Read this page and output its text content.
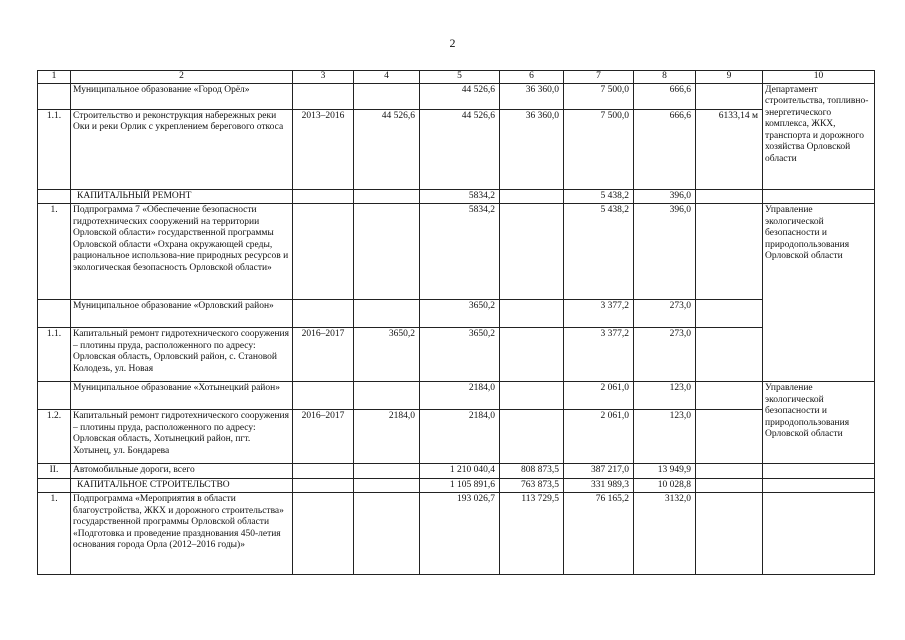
2
1	2	3	4	5	6	7	8	9	10
	Муниципальное образование «Город Орёл»			44 526,6	36 360,0	7 500,0	666,6		Департамент строительства, топливно-энергетического комплекса, ЖКХ, транспорта и дорожного хозяйства Орловской области
1.1.	Строительство и реконструкция набережных реки Оки и реки Орлик с укреплением берегового откоса	2013–2016	44 526,6	44 526,6	36 360,0	7 500,0	666,6	6133,14 м	
	КАПИТАЛЬНЫЙ РЕМОНТ			5834,2		5 438,2	396,0		
1.	Подпрограмма 7 «Обеспечение безопасности гидротехнических сооружений на территории Орловской области» государственной программы Орловской области «Охрана окружающей среды, рациональное использова-ние природных ресурсов и экологическая безопасность Орловской области»			5834,2		5 438,2	396,0		Управление экологической безопасности и природопользования Орловской области
	Муниципальное образование «Орловский район»			3650,2		3 377,2	273,0		
1.1.	Капитальный ремонт гидротехнического сооружения – плотины пруда, расположенного по адресу: Орловская область, Орловский район, с. Становой Колодезь, ул. Новая	2016–2017	3650,2	3650,2		3 377,2	273,0		
	Муниципальное образование «Хотынецкий район»			2184,0		2 061,0	123,0		Управление экологической безопасности и природопользования Орловской области
1.2.	Капитальный ремонт гидротехнического сооружения – плотины пруда, расположенного по адресу: Орловская область, Хотынецкий район, пгт. Хотынец, ул. Бондарева	2016–2017	2184,0	2184,0		2 061,0	123,0		
II.	Автомобильные дороги, всего			1 210 040,4	808 873,5	387 217,0	13 949,9		
	КАПИТАЛЬНОЕ СТРОИТЕЛЬСТВО			1 105 891,6	763 873,5	331 989,3	10 028,8		
1.	Подпрограмма «Мероприятия в области благоустройства, ЖКХ и дорожного строительства» государственной программы Орловской области «Подготовка и проведение празднования 450-летия основания города Орла (2012–2016 годы)»			193 026,7	113 729,5	76 165,2	3132,0		
